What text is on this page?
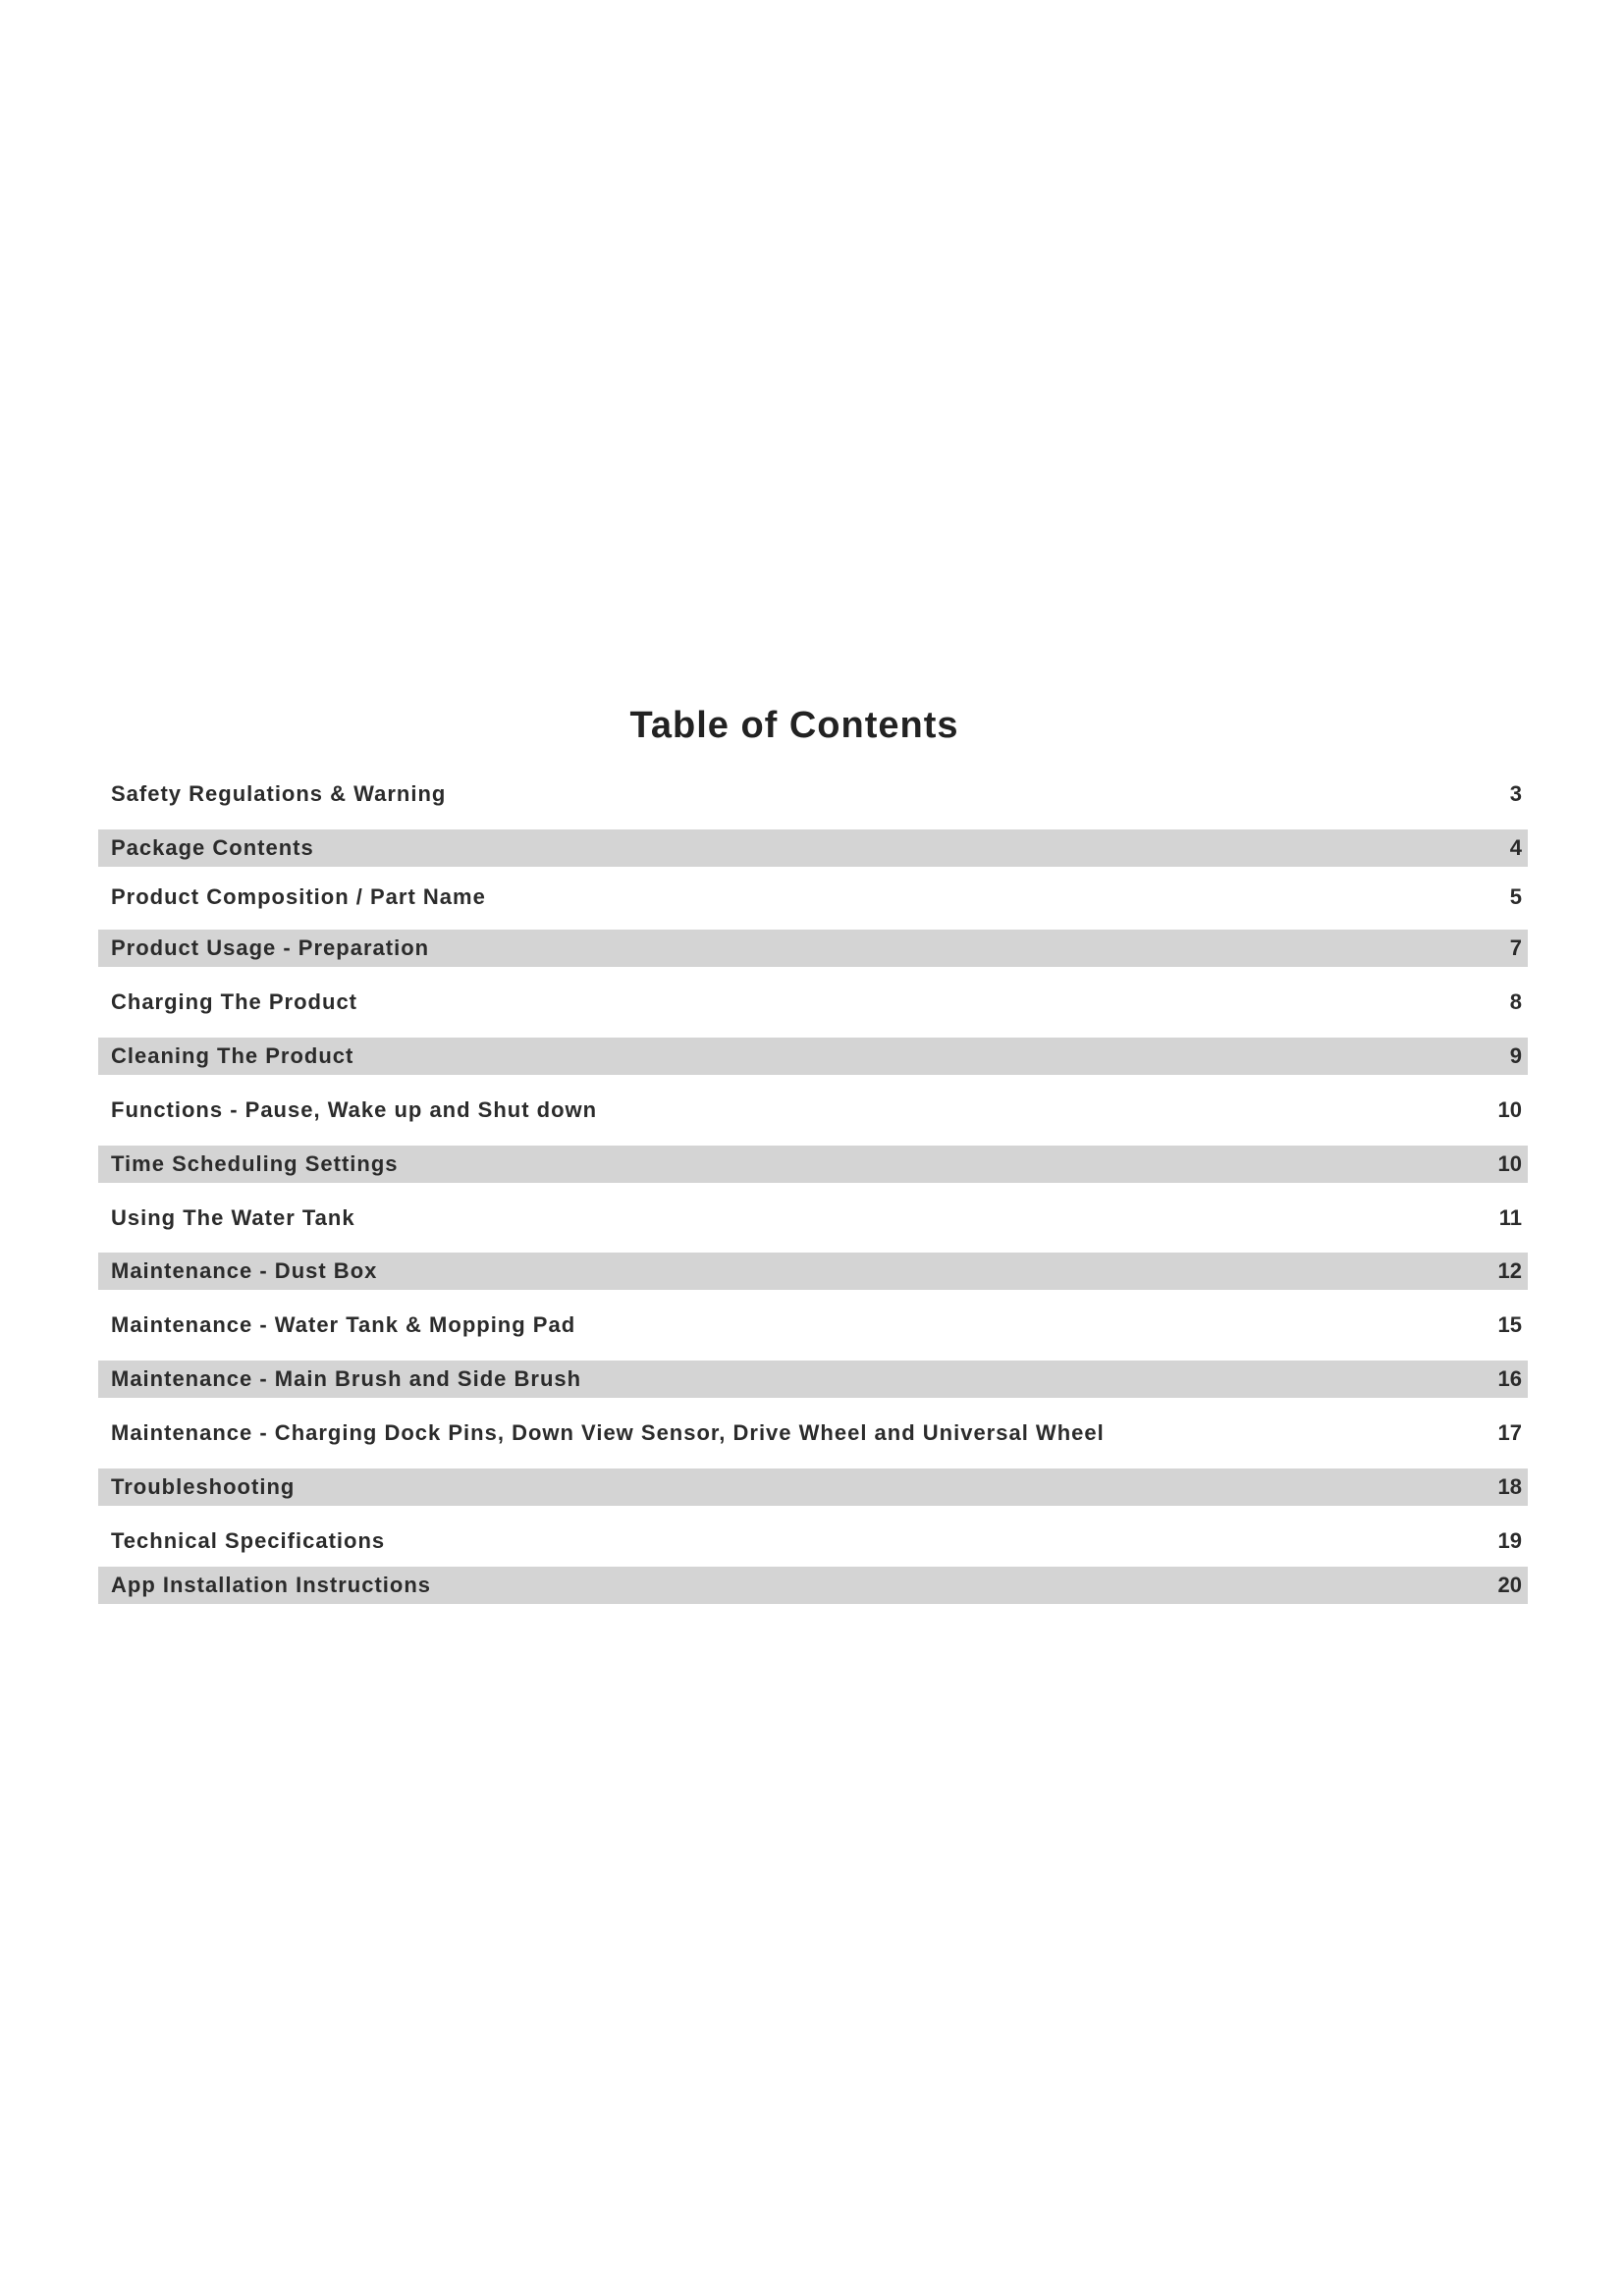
Table of Contents
Safety Regulations & Warning	3
Package Contents	4
Product Composition / Part Name	5
Product Usage - Preparation	7
Charging The Product	8
Cleaning The Product	9
Functions - Pause, Wake up and Shut down	10
Time Scheduling Settings	10
Using The Water Tank	11
Maintenance - Dust Box	12
Maintenance - Water Tank & Mopping Pad	15
Maintenance - Main Brush and Side Brush	16
Maintenance - Charging Dock Pins, Down View Sensor, Drive Wheel and Universal Wheel	17
Troubleshooting	18
Technical Specifications	19
App Installation Instructions	20
